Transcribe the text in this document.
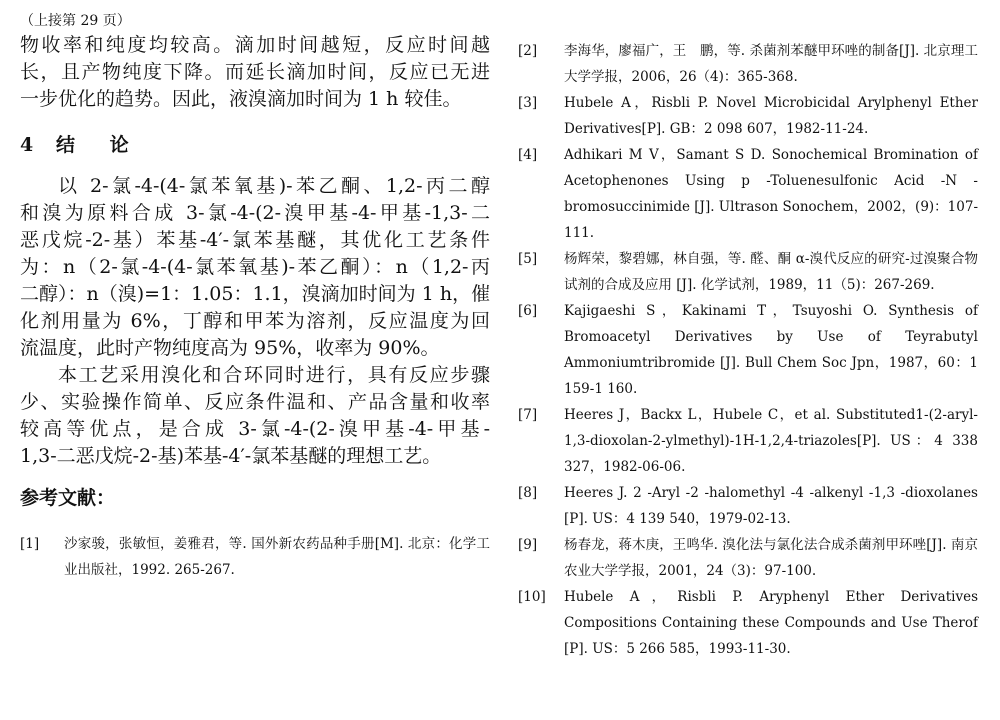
（上接第 29 页）

物收率和纯度均较高。滴加时间越短，反应时间越

长，且产物纯度下降。而延长滴加时间，反应已无进

一步优化的趋势。因此，液溴滴加时间为 1 h 较佳。

4 结 论

以 2-氯-4-(4-氯苯氧基)-苯乙酮、1,2-丙二醇

和溴为原料合成 3-氯-4-(2-溴甲基-4-甲基-1,3-二

恶戊烷-2-基）苯基-4′-氯苯基醚，其优化工艺条件

为：n（2-氯-4-(4-氯苯氧基)-苯乙酮）：n（1,2-丙

二醇）：n（溴)=1：1.05：1.1，溴滴加时间为 1 h，催

化剂用量为 6%，丁醇和甲苯为溶剂，反应温度为回

流温度，此时产物纯度高为 95%，收率为 90%。

本工艺采用溴化和合环同时进行，具有反应步骤

少、实验操作简单、反应条件温和、产品含量和收率

较高等优点，是合成 3-氯-4-(2-溴甲基-4-甲基-

1,3-二恶戊烷-2-基)苯基-4′-氯苯基醚的理想工艺。

参考文献：
[1]	沙家骏，张敏恒，姜雅君，等. 国外新农药品种手册[M]. 北京：化学工业出版社，1992. 265-267.
[2]	李海华，廖福广，王　鹏，等. 杀菌剂苯醚甲环唑的制备[J]. 北京理工大学学报，2006，26（4)：365-368.
[3]	Hubele A，Risbli P. Novel Microbicidal Arylphenyl Ether Derivatives[P]. GB：2 098 607，1982-11-24.
[4]	Adhikari M V，Samant S D. Sonochemical Bromination of Acetophenones Using p -Toluenesulfonic Acid -N -bromosuccinimide [J]. Ultrason Sonochem，2002，(9)：107-111.
[5]	杨辉荣，黎碧娜，林自强，等. 醛、酮 α-溴代反应的研究-过溴聚合物试剂的合成及应用 [J]. 化学试剂，1989，11（5)：267-269.
[6]	Kajigaeshi S，Kakinami T，Tsuyoshi O. Synthesis of Bromoacetyl Derivatives by Use of Teyrabutyl Ammoniumtribromide [J]. Bull Chem Soc Jpn，1987，60：1 159-1 160.
[7]	Heeres J，Backx L，Hubele C，et al. Substituted1-(2-aryl-1,3-dioxolan-2-ylmethyl)-1H-1,2,4-triazoles[P]. US：4 338 327，1982-06-06.
[8]	Heeres J. 2 -Aryl -2 -halomethyl -4 -alkenyl -1,3 -dioxolanes [P]. US：4 139 540，1979-02-13.
[9]	杨春龙，蒋木庚，王鸣华. 溴化法与氯化法合成杀菌剂甲环唑[J]. 南京农业大学学报，2001，24（3)：97-100.
[10]	Hubele A，Risbli P. Aryphenyl Ether Derivatives Compositions Containing these Compounds and Use Therof [P]. US：5 266 585，1993-11-30.
